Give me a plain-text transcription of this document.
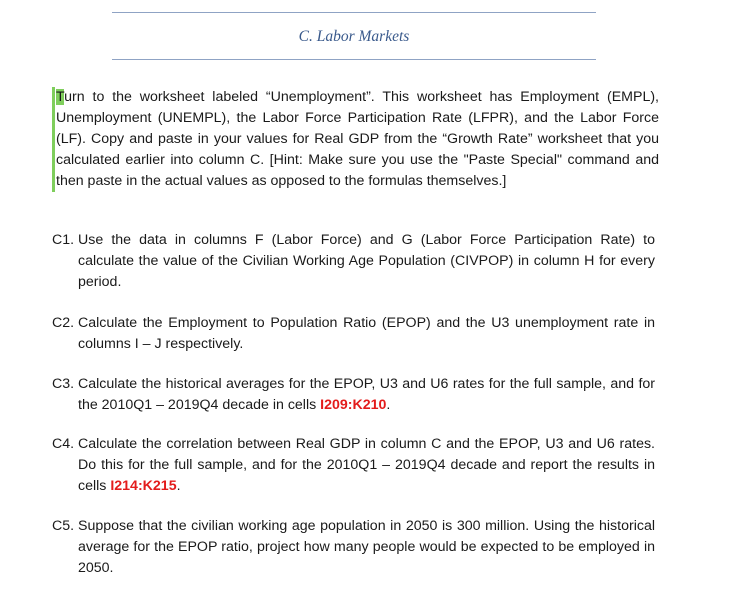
C. Labor Markets

Turn to the worksheet labeled “Unemployment”. This worksheet has Employment (EMPL), Unemployment (UNEMPL), the Labor Force Participation Rate (LFPR), and the Labor Force (LF). Copy and paste in your values for Real GDP from the “Growth Rate” worksheet that you calculated earlier into column C. [Hint: Make sure you use the "Paste Special" command and then paste in the actual values as opposed to the formulas themselves.]

C1. Use the data in columns F (Labor Force) and G (Labor Force Participation Rate) to calculate the value of the Civilian Working Age Population (CIVPOP) in column H for every period.
C2. Calculate the Employment to Population Ratio (EPOP) and the U3 unemployment rate in columns I – J respectively.
C3. Calculate the historical averages for the EPOP, U3 and U6 rates for the full sample, and for the 2010Q1 – 2019Q4 decade in cells I209:K210.
C4. Calculate the correlation between Real GDP in column C and the EPOP, U3 and U6 rates. Do this for the full sample, and for the 2010Q1 – 2019Q4 decade and report the results in cells I214:K215.
C5. Suppose that the civilian working age population in 2050 is 300 million. Using the historical average for the EPOP ratio, project how many people would be expected to be employed in 2050.
